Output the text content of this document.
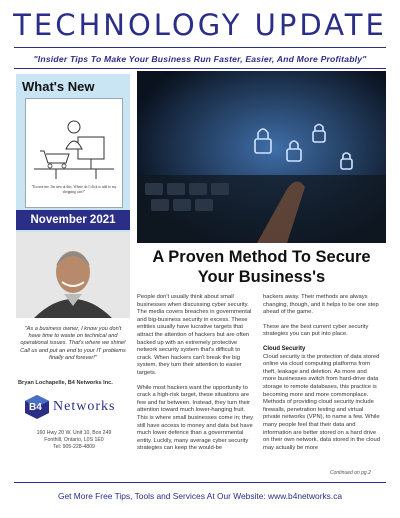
TECHNOLOGY UPDATE
"Insider Tips To Make Your Business Run Faster, Easier, And More Profitably"
What's New
"Excuse me, I'm new at this. Where do I click to add to my shopping cart?"
November 2021
"As a business owner, I know you don't have time to waste on technical and operational issues. That's where we shine! Call us and put an end to your IT problems finally and forever!"
Bryan Lochapelle, B4 Networks Inc.
B4 Networks
160 Hwy 20 W. Unit 10, Box 249
Fonthill, Ontario, L0S 1E0
Tel: 905-228-4809
A Proven Method To Secure Your Business's

People don't usually think about small businesses when discussing cyber security. The media covers breaches in governmental and big-business security in excess. These entities usually have lucrative targets that attract the attention of hackers but are often backed up with an extremely protective network security system that's difficult to crack. When hackers can't break the big system, they turn their attention to easier targets.

While most hackers want the opportunity to crack a high-risk target, these situations are few and far between. Instead, they turn their attention toward much lower-hanging fruit. This is where small businesses come in; they still have access to money and data but have much lower defence than a governmental entity. Luckily, many average cyber security strategies can keep the would-be

hackers away. Their methods are always changing, though, and it helps to be one step ahead of the game.

These are the best current cyber security strategies you can put into place.

Cloud Security

Cloud security is the protection of data stored online via cloud computing platforms from theft, leakage and deletion. As more and more businesses switch from hard-drive data storage to remote databases, this practice is becoming more and more commonplace. Methods of providing cloud security include firewalls, penetration testing and virtual private networks (VPN), to name a few. While many people feel that their data and information are better stored on a hard drive on their own network, data stored in the cloud may actually be more

Continued on pg.2
Get More Free Tips, Tools and Services At Our Website: www.b4networks.ca
